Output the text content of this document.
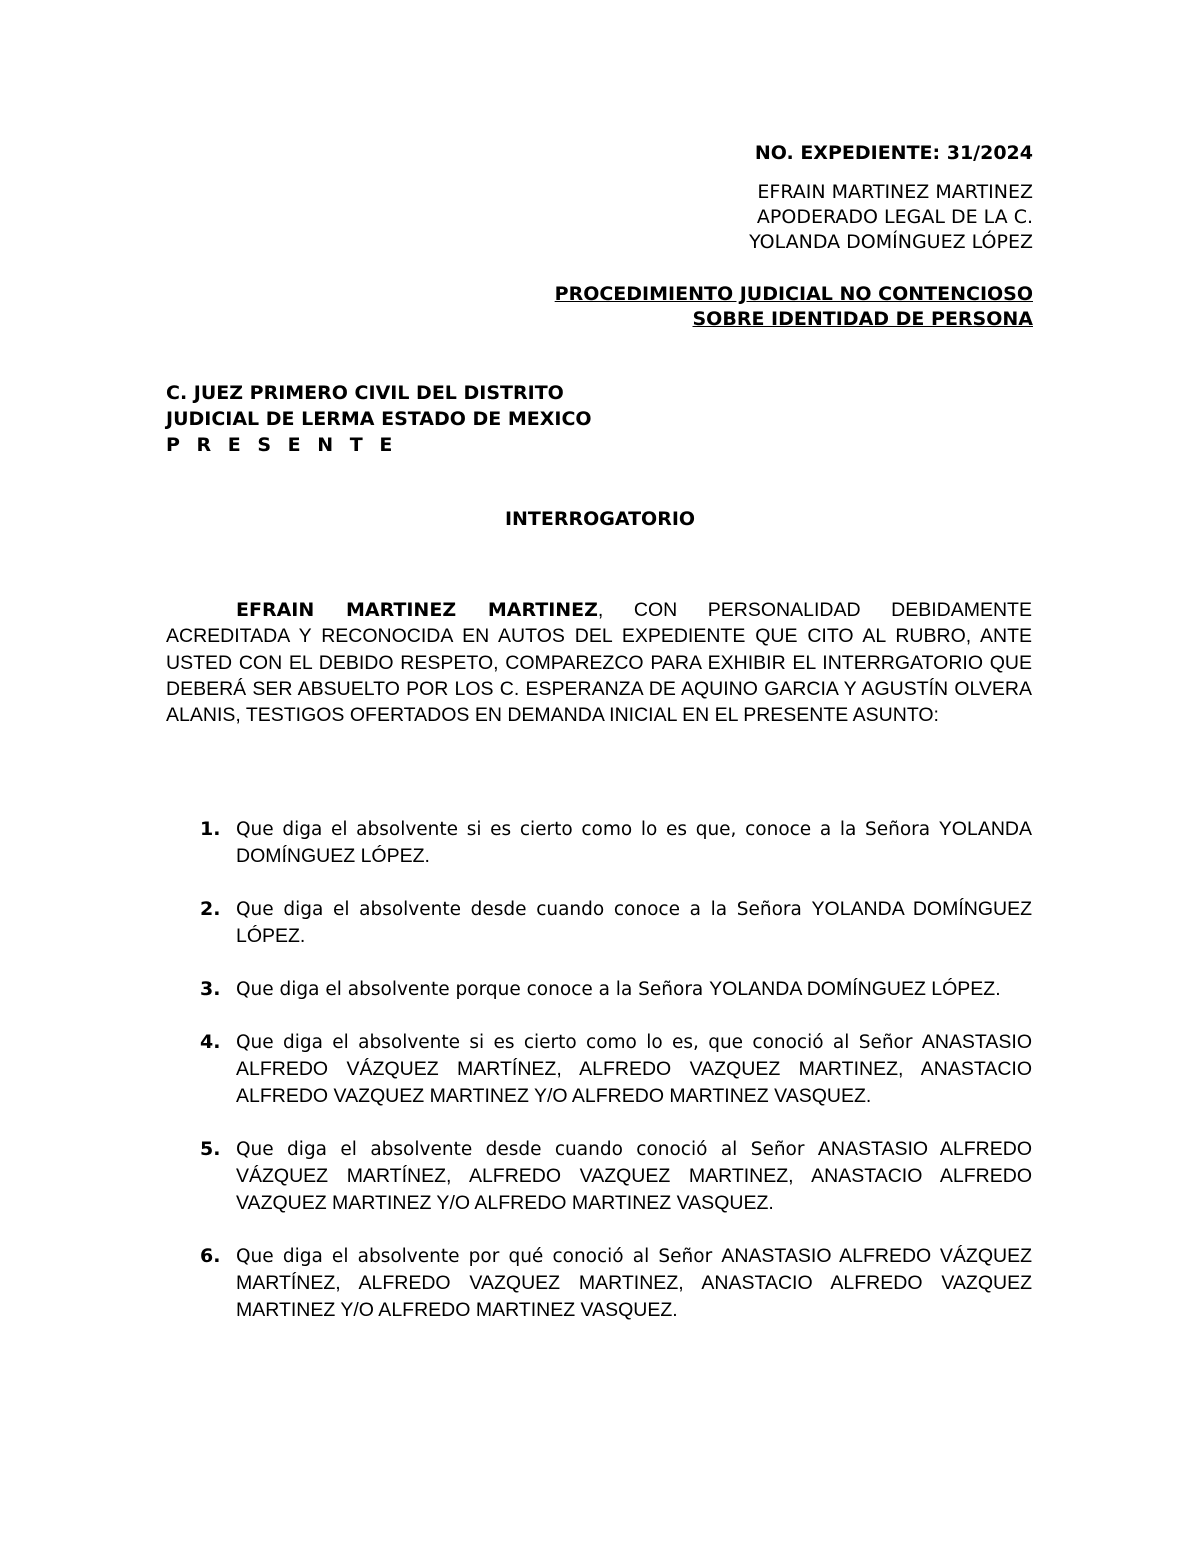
NO. EXPEDIENTE: 31/2024
EFRAIN MARTINEZ MARTINEZ
APODERADO LEGAL DE LA C.
YOLANDA DOMÍNGUEZ LÓPEZ
PROCEDIMIENTO JUDICIAL NO CONTENCIOSO
SOBRE IDENTIDAD DE PERSONA
C. JUEZ PRIMERO CIVIL DEL DISTRITO
JUDICIAL DE LERMA ESTADO DE MEXICO
P R E S E N T E
INTERROGATORIO

EFRAIN MARTINEZ MARTINEZ, CON PERSONALIDAD DEBIDAMENTE ACREDITADA Y RECONOCIDA EN AUTOS DEL EXPEDIENTE QUE CITO AL RUBRO, ANTE USTED CON EL DEBIDO RESPETO, COMPAREZCO PARA EXHIBIR EL INTERRGATORIO QUE DEBERÁ SER ABSUELTO POR LOS C. ESPERANZA DE AQUINO GARCIA Y AGUSTÍN OLVERA ALANIS, TESTIGOS OFERTADOS EN DEMANDA INICIAL EN EL PRESENTE ASUNTO:

1. Que diga el absolvente si es cierto como lo es que, conoce a la Señora YOLANDA DOMÍNGUEZ LÓPEZ.
2. Que diga el absolvente desde cuando conoce a la Señora YOLANDA DOMÍNGUEZ LÓPEZ.
3. Que diga el absolvente porque conoce a la Señora YOLANDA DOMÍNGUEZ LÓPEZ.
4. Que diga el absolvente si es cierto como lo es, que conoció al Señor ANASTASIO ALFREDO VÁZQUEZ MARTÍNEZ, ALFREDO VAZQUEZ MARTINEZ, ANASTACIO ALFREDO VAZQUEZ MARTINEZ Y/O ALFREDO MARTINEZ VASQUEZ.
5. Que diga el absolvente desde cuando conoció al Señor ANASTASIO ALFREDO VÁZQUEZ MARTÍNEZ, ALFREDO VAZQUEZ MARTINEZ, ANASTACIO ALFREDO VAZQUEZ MARTINEZ Y/O ALFREDO MARTINEZ VASQUEZ.
6. Que diga el absolvente por qué conoció al Señor ANASTASIO ALFREDO VÁZQUEZ MARTÍNEZ, ALFREDO VAZQUEZ MARTINEZ, ANASTACIO ALFREDO VAZQUEZ MARTINEZ Y/O ALFREDO MARTINEZ VASQUEZ.
